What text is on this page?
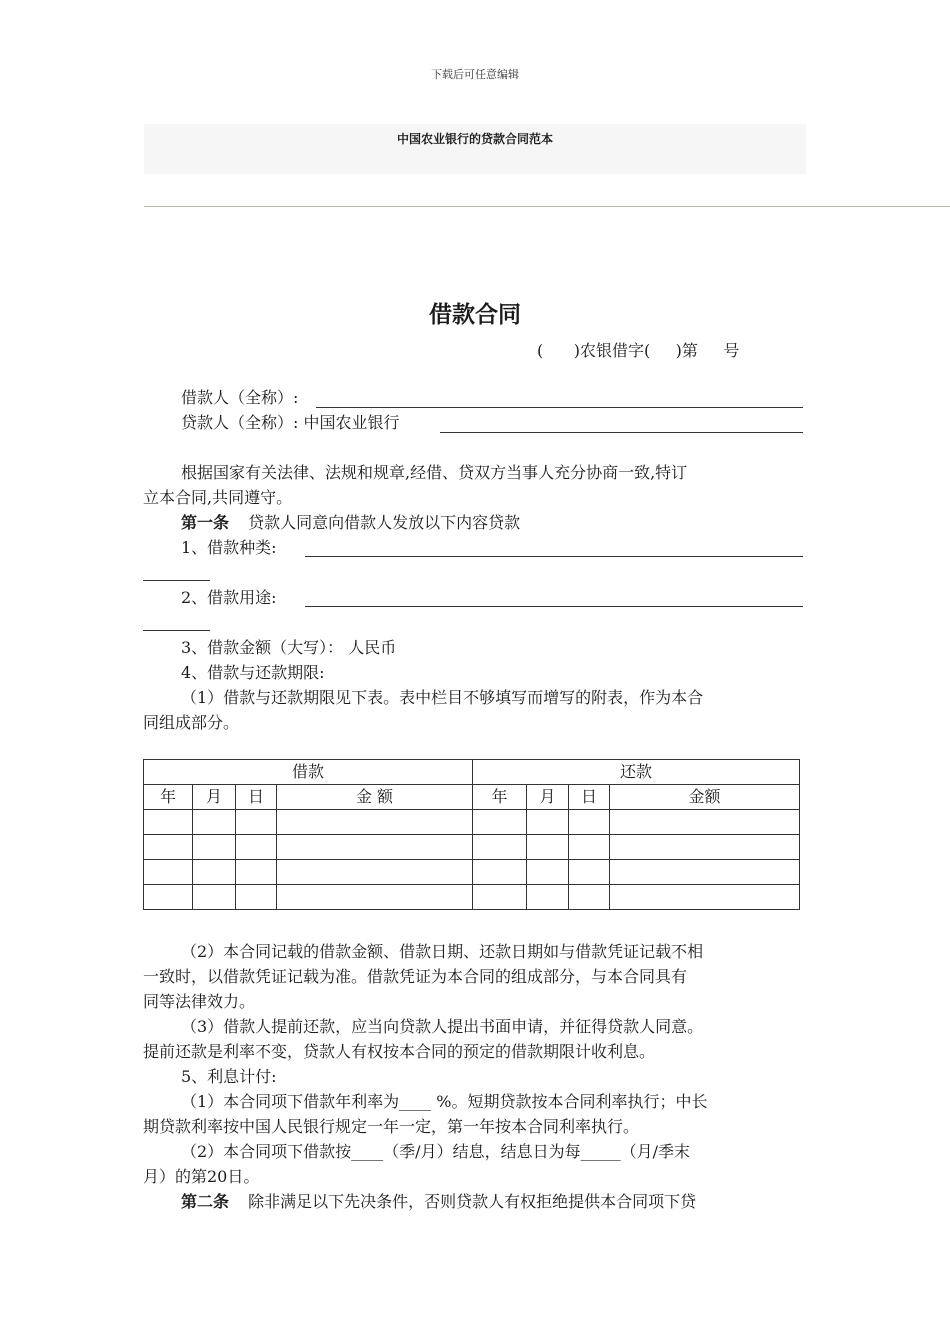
下载后可任意编辑
中国农业银行的贷款合同范本
借款合同
(      )农银借字(     )第     号
借款人（全称）:
贷款人（全称）: 中国农业银行
根据国家有关法律、法规和规章,经借、贷双方当事人充分协商一致,特订
立本合同,共同遵守。
第一条 贷款人同意向借款人发放以下内容贷款
1、借款种类:
2、借款用途:
3、借款金额（大写）： 人民币
4、借款与还款期限:
（1）借款与还款期限见下表。表中栏目不够填写而增写的附表，作为本合
同组成部分。
借款				还款			
年	月	日	金 额	年	月	日	金额

（2）本合同记载的借款金额、借款日期、还款日期如与借款凭证记载不相
一致时，以借款凭证记载为准。借款凭证为本合同的组成部分，与本合同具有
同等法律效力。
（3）借款人提前还款，应当向贷款人提出书面申请，并征得贷款人同意。
提前还款是利率不变，贷款人有权按本合同的预定的借款期限计收利息。
5、利息计付:
（1）本合同项下借款年利率为____ %。短期贷款按本合同利率执行；中长
期贷款利率按中国人民银行规定一年一定，第一年按本合同利率执行。
（2）本合同项下借款按____（季/月）结息，结息日为每_____（月/季末
月）的第20日。
第二条 除非满足以下先决条件，否则贷款人有权拒绝提供本合同项下贷
